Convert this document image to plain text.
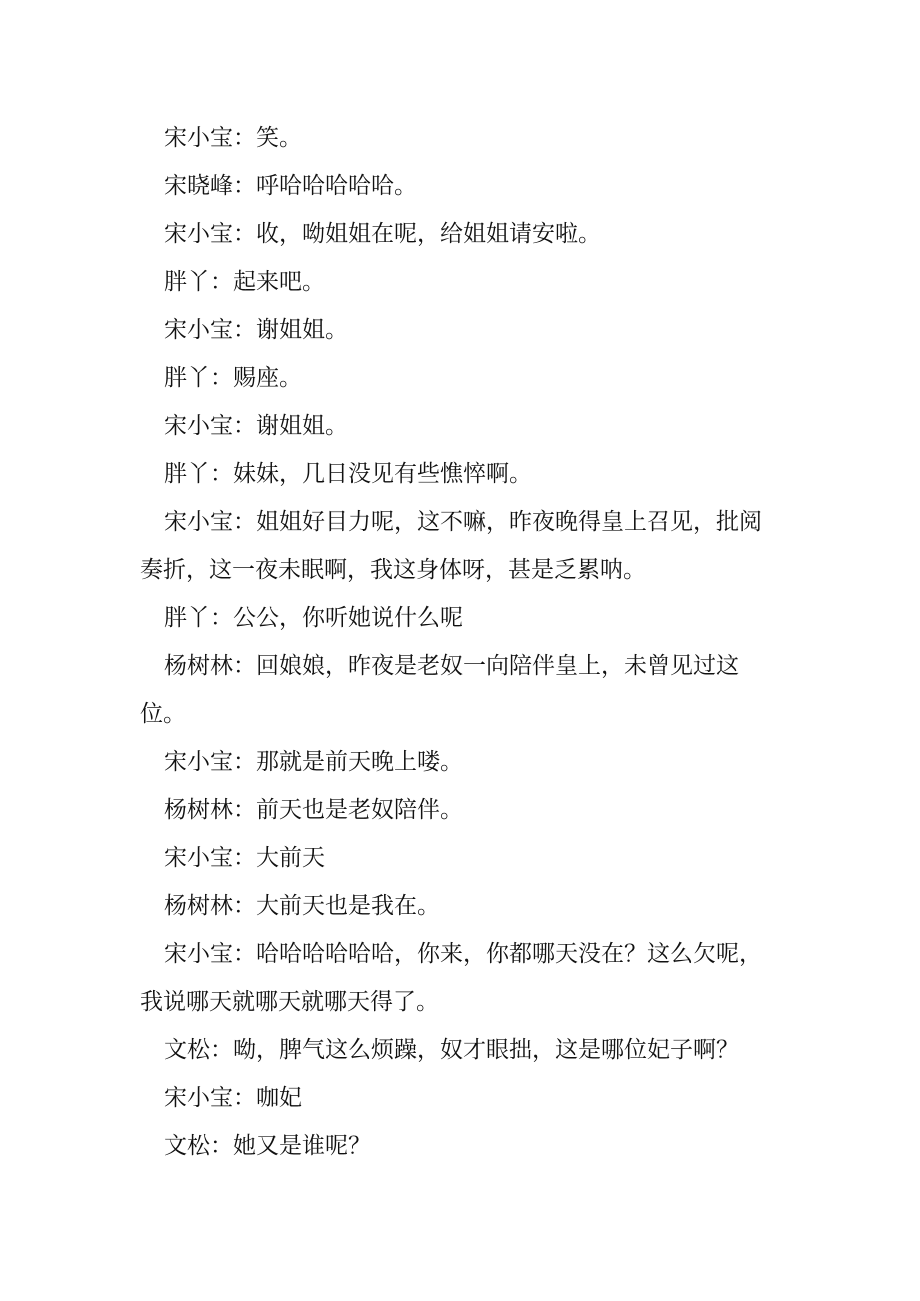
宋小宝：笑。

宋晓峰：呼哈哈哈哈哈。

宋小宝：收，呦姐姐在呢，给姐姐请安啦。

胖丫：起来吧。

宋小宝：谢姐姐。

胖丫：赐座。

宋小宝：谢姐姐。

胖丫：妹妹，几日没见有些憔悴啊。

宋小宝：姐姐好目力呢，这不嘛，昨夜晚得皇上召见，批阅

奏折，这一夜未眠啊，我这身体呀，甚是乏累呐。

胖丫：公公，你听她说什么呢

杨树林：回娘娘，昨夜是老奴一向陪伴皇上，未曾见过这

位。

宋小宝：那就是前天晚上喽。

杨树林：前天也是老奴陪伴。

宋小宝：大前天

杨树林：大前天也是我在。

宋小宝：哈哈哈哈哈哈，你来，你都哪天没在？这么欠呢，

我说哪天就哪天就哪天得了。

文松：呦，脾气这么烦躁，奴才眼拙，这是哪位妃子啊？

宋小宝：咖妃

文松：她又是谁呢？
